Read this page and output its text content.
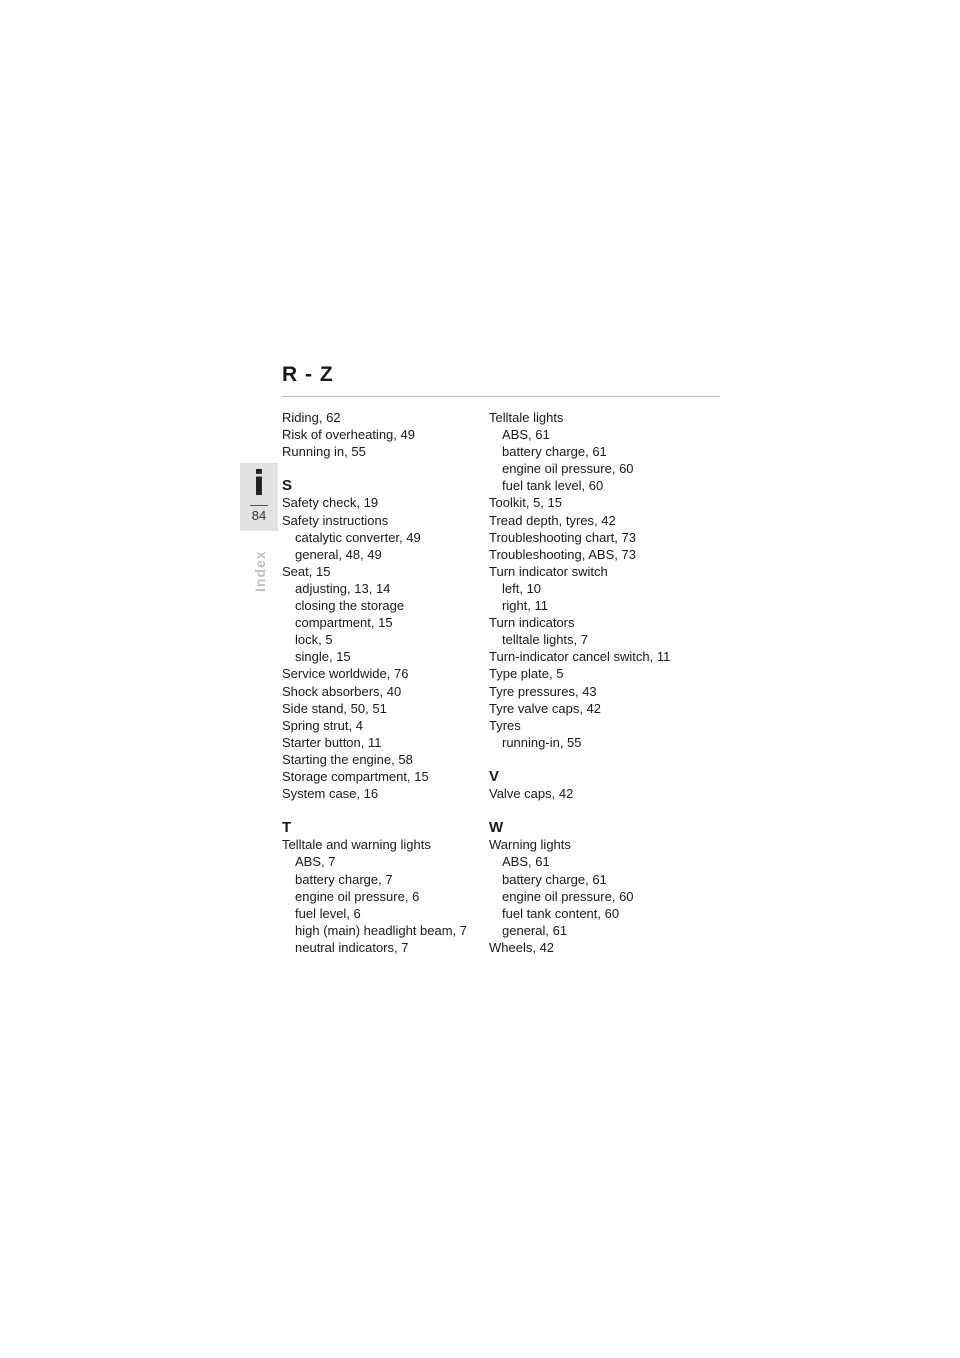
R - Z
i
84
Index
Riding, 62
Risk of overheating, 49
Running in, 55
S
Safety check, 19
Safety instructions
catalytic converter, 49
general, 48, 49
Seat, 15
adjusting, 13, 14
closing the storage
compartment, 15
lock, 5
single, 15
Service worldwide, 76
Shock absorbers, 40
Side stand, 50, 51
Spring strut, 4
Starter button, 11
Starting the engine, 58
Storage compartment, 15
System case, 16
T
Telltale and warning lights
ABS, 7
battery charge, 7
engine oil pressure, 6
fuel level, 6
high (main) headlight beam, 7
neutral indicators, 7
Telltale lights
ABS, 61
battery charge, 61
engine oil pressure, 60
fuel tank level, 60
Toolkit, 5, 15
Tread depth, tyres, 42
Troubleshooting chart, 73
Troubleshooting, ABS, 73
Turn indicator switch
left, 10
right, 11
Turn indicators
telltale lights, 7
Turn-indicator cancel switch, 11
Type plate, 5
Tyre pressures, 43
Tyre valve caps, 42
Tyres
running-in, 55
V
Valve caps, 42
W
Warning lights
ABS, 61
battery charge, 61
engine oil pressure, 60
fuel tank content, 60
general, 61
Wheels, 42
